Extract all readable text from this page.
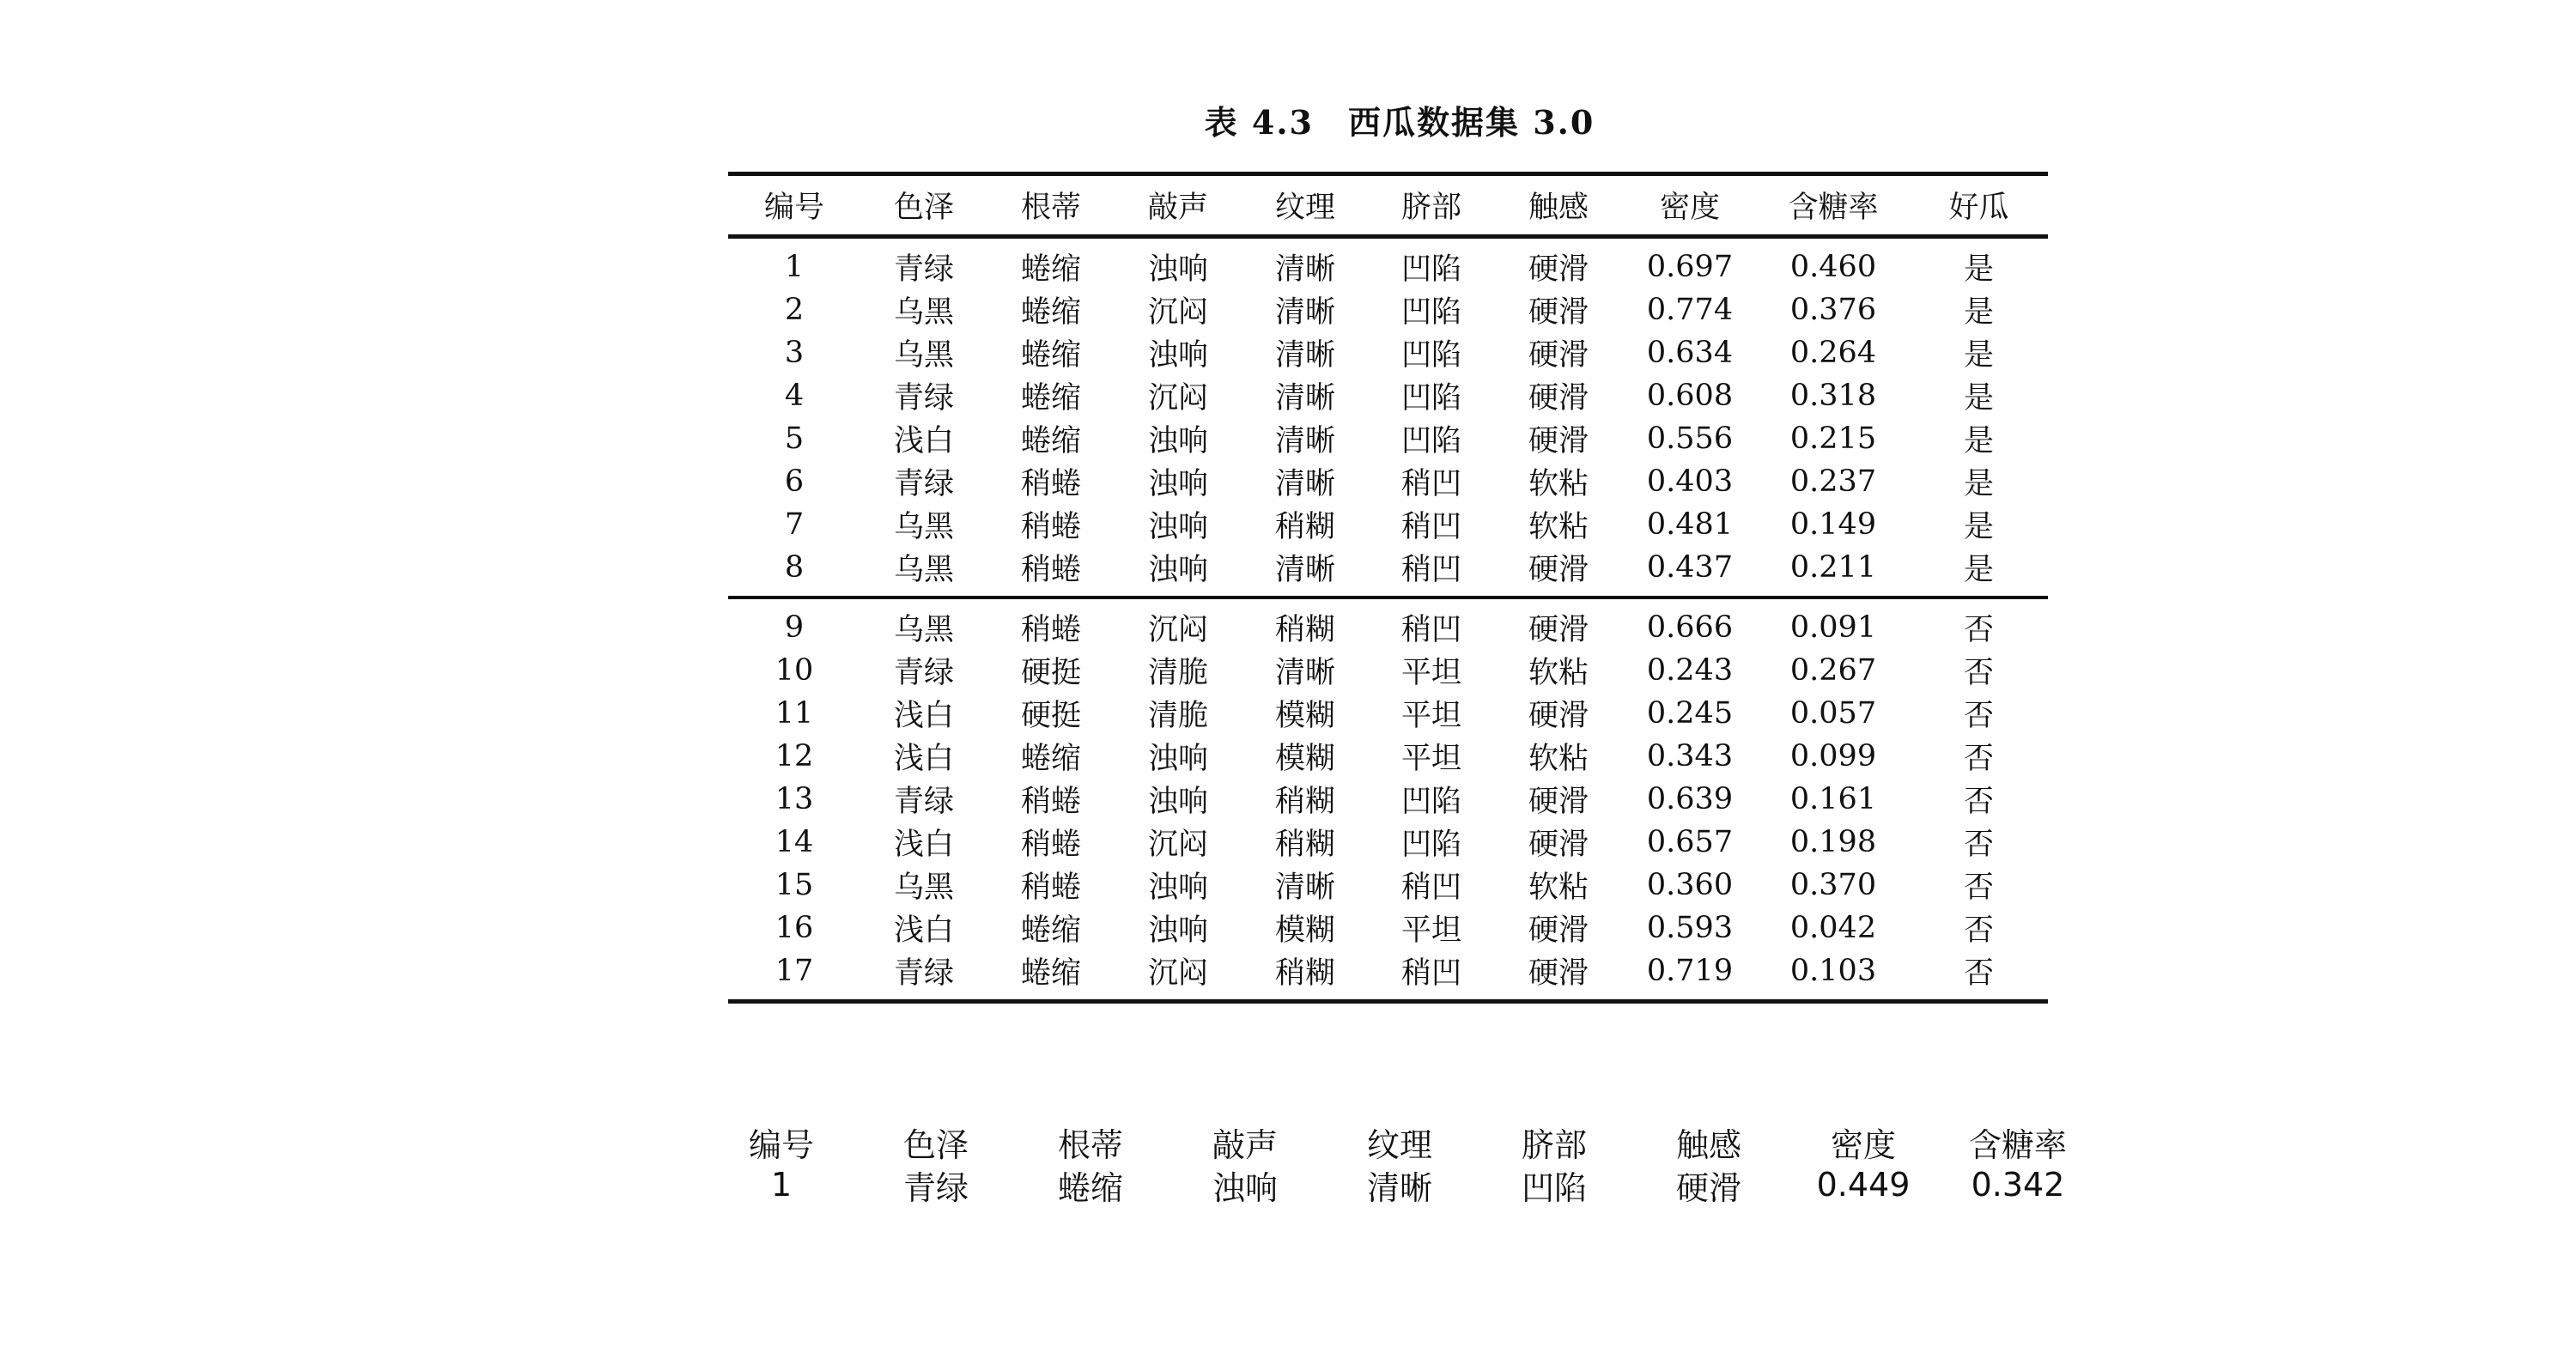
表 4.3　西瓜数据集 3.0
编号	色泽	根蒂	敲声	纹理	脐部	触感	密度	含糖率	好瓜
1	青绿	蜷缩	浊响	清晰	凹陷	硬滑	0.697	0.460	是
2	乌黑	蜷缩	沉闷	清晰	凹陷	硬滑	0.774	0.376	是
3	乌黑	蜷缩	浊响	清晰	凹陷	硬滑	0.634	0.264	是
4	青绿	蜷缩	沉闷	清晰	凹陷	硬滑	0.608	0.318	是
5	浅白	蜷缩	浊响	清晰	凹陷	硬滑	0.556	0.215	是
6	青绿	稍蜷	浊响	清晰	稍凹	软粘	0.403	0.237	是
7	乌黑	稍蜷	浊响	稍糊	稍凹	软粘	0.481	0.149	是
8	乌黑	稍蜷	浊响	清晰	稍凹	硬滑	0.437	0.211	是
9	乌黑	稍蜷	沉闷	稍糊	稍凹	硬滑	0.666	0.091	否
10	青绿	硬挺	清脆	清晰	平坦	软粘	0.243	0.267	否
11	浅白	硬挺	清脆	模糊	平坦	硬滑	0.245	0.057	否
12	浅白	蜷缩	浊响	模糊	平坦	软粘	0.343	0.099	否
13	青绿	稍蜷	浊响	稍糊	凹陷	硬滑	0.639	0.161	否
14	浅白	稍蜷	沉闷	稍糊	凹陷	硬滑	0.657	0.198	否
15	乌黑	稍蜷	浊响	清晰	稍凹	软粘	0.360	0.370	否
16	浅白	蜷缩	浊响	模糊	平坦	硬滑	0.593	0.042	否
17	青绿	蜷缩	沉闷	稍糊	稍凹	硬滑	0.719	0.103	否
编号	色泽	根蒂	敲声	纹理	脐部	触感	密度	含糖率
1	青绿	蜷缩	浊响	清晰	凹陷	硬滑	0.449	0.342
